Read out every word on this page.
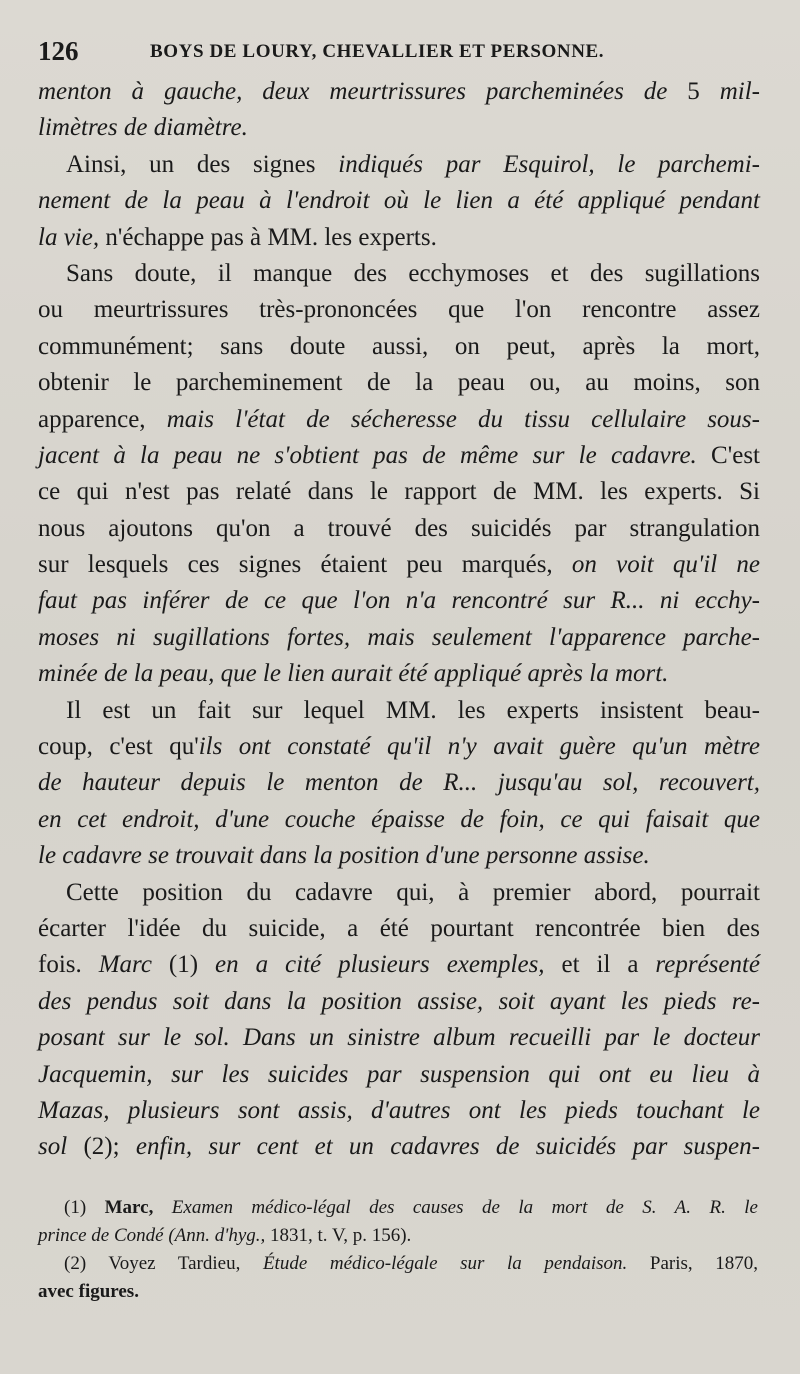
126	BOYS DE LOURY, CHEVALLIER ET PERSONNE.
menton à gauche, deux meurtrissures parcheminées de 5 mil-
limètres de diamètre.
Ainsi, un des signes indiqués par Esquirol, le parchemi-
nement de la peau à l'endroit où le lien a été appliqué pendant
la vie, n'échappe pas à MM. les experts.
Sans doute, il manque des ecchymoses et des sugillations
ou meurtrissures très-prononcées que l'on rencontre assez
communément; sans doute aussi, on peut, après la mort,
obtenir le parcheminement de la peau ou, au moins, son
apparence, mais l'état de sécheresse du tissu cellulaire sous-
jacent à la peau ne s'obtient pas de même sur le cadavre. C'est
ce qui n'est pas relaté dans le rapport de MM. les experts. Si
nous ajoutons qu'on a trouvé des suicidés par strangulation
sur lesquels ces signes étaient peu marqués, on voit qu'il ne
faut pas inférer de ce que l'on n'a rencontré sur R... ni ecchy-
moses ni sugillations fortes, mais seulement l'apparence parche-
minée de la peau, que le lien aurait été appliqué après la mort.
Il est un fait sur lequel MM. les experts insistent beau-
coup, c'est qu'ils ont constaté qu'il n'y avait guère qu'un mètre
de hauteur depuis le menton de R... jusqu'au sol, recouvert,
en cet endroit, d'une couche épaisse de foin, ce qui faisait que
le cadavre se trouvait dans la position d'une personne assise.
Cette position du cadavre qui, à premier abord, pourrait
écarter l'idée du suicide, a été pourtant rencontrée bien des
fois. Marc (1) en a cité plusieurs exemples, et il a représenté
des pendus soit dans la position assise, soit ayant les pieds re-
posant sur le sol. Dans un sinistre album recueilli par le docteur
Jacquemin, sur les suicides par suspension qui ont eu lieu à
Mazas, plusieurs sont assis, d'autres ont les pieds touchant le
sol (2); enfin, sur cent et un cadavres de suicidés par suspen-
(1) Marc, Examen médico-légal des causes de la mort de S. A. R. le
prince de Condé (Ann. d'hyg., 1831, t. V, p. 156).
(2) Voyez Tardieu, Étude médico-légale sur la pendaison. Paris, 1870,
avec figures.
